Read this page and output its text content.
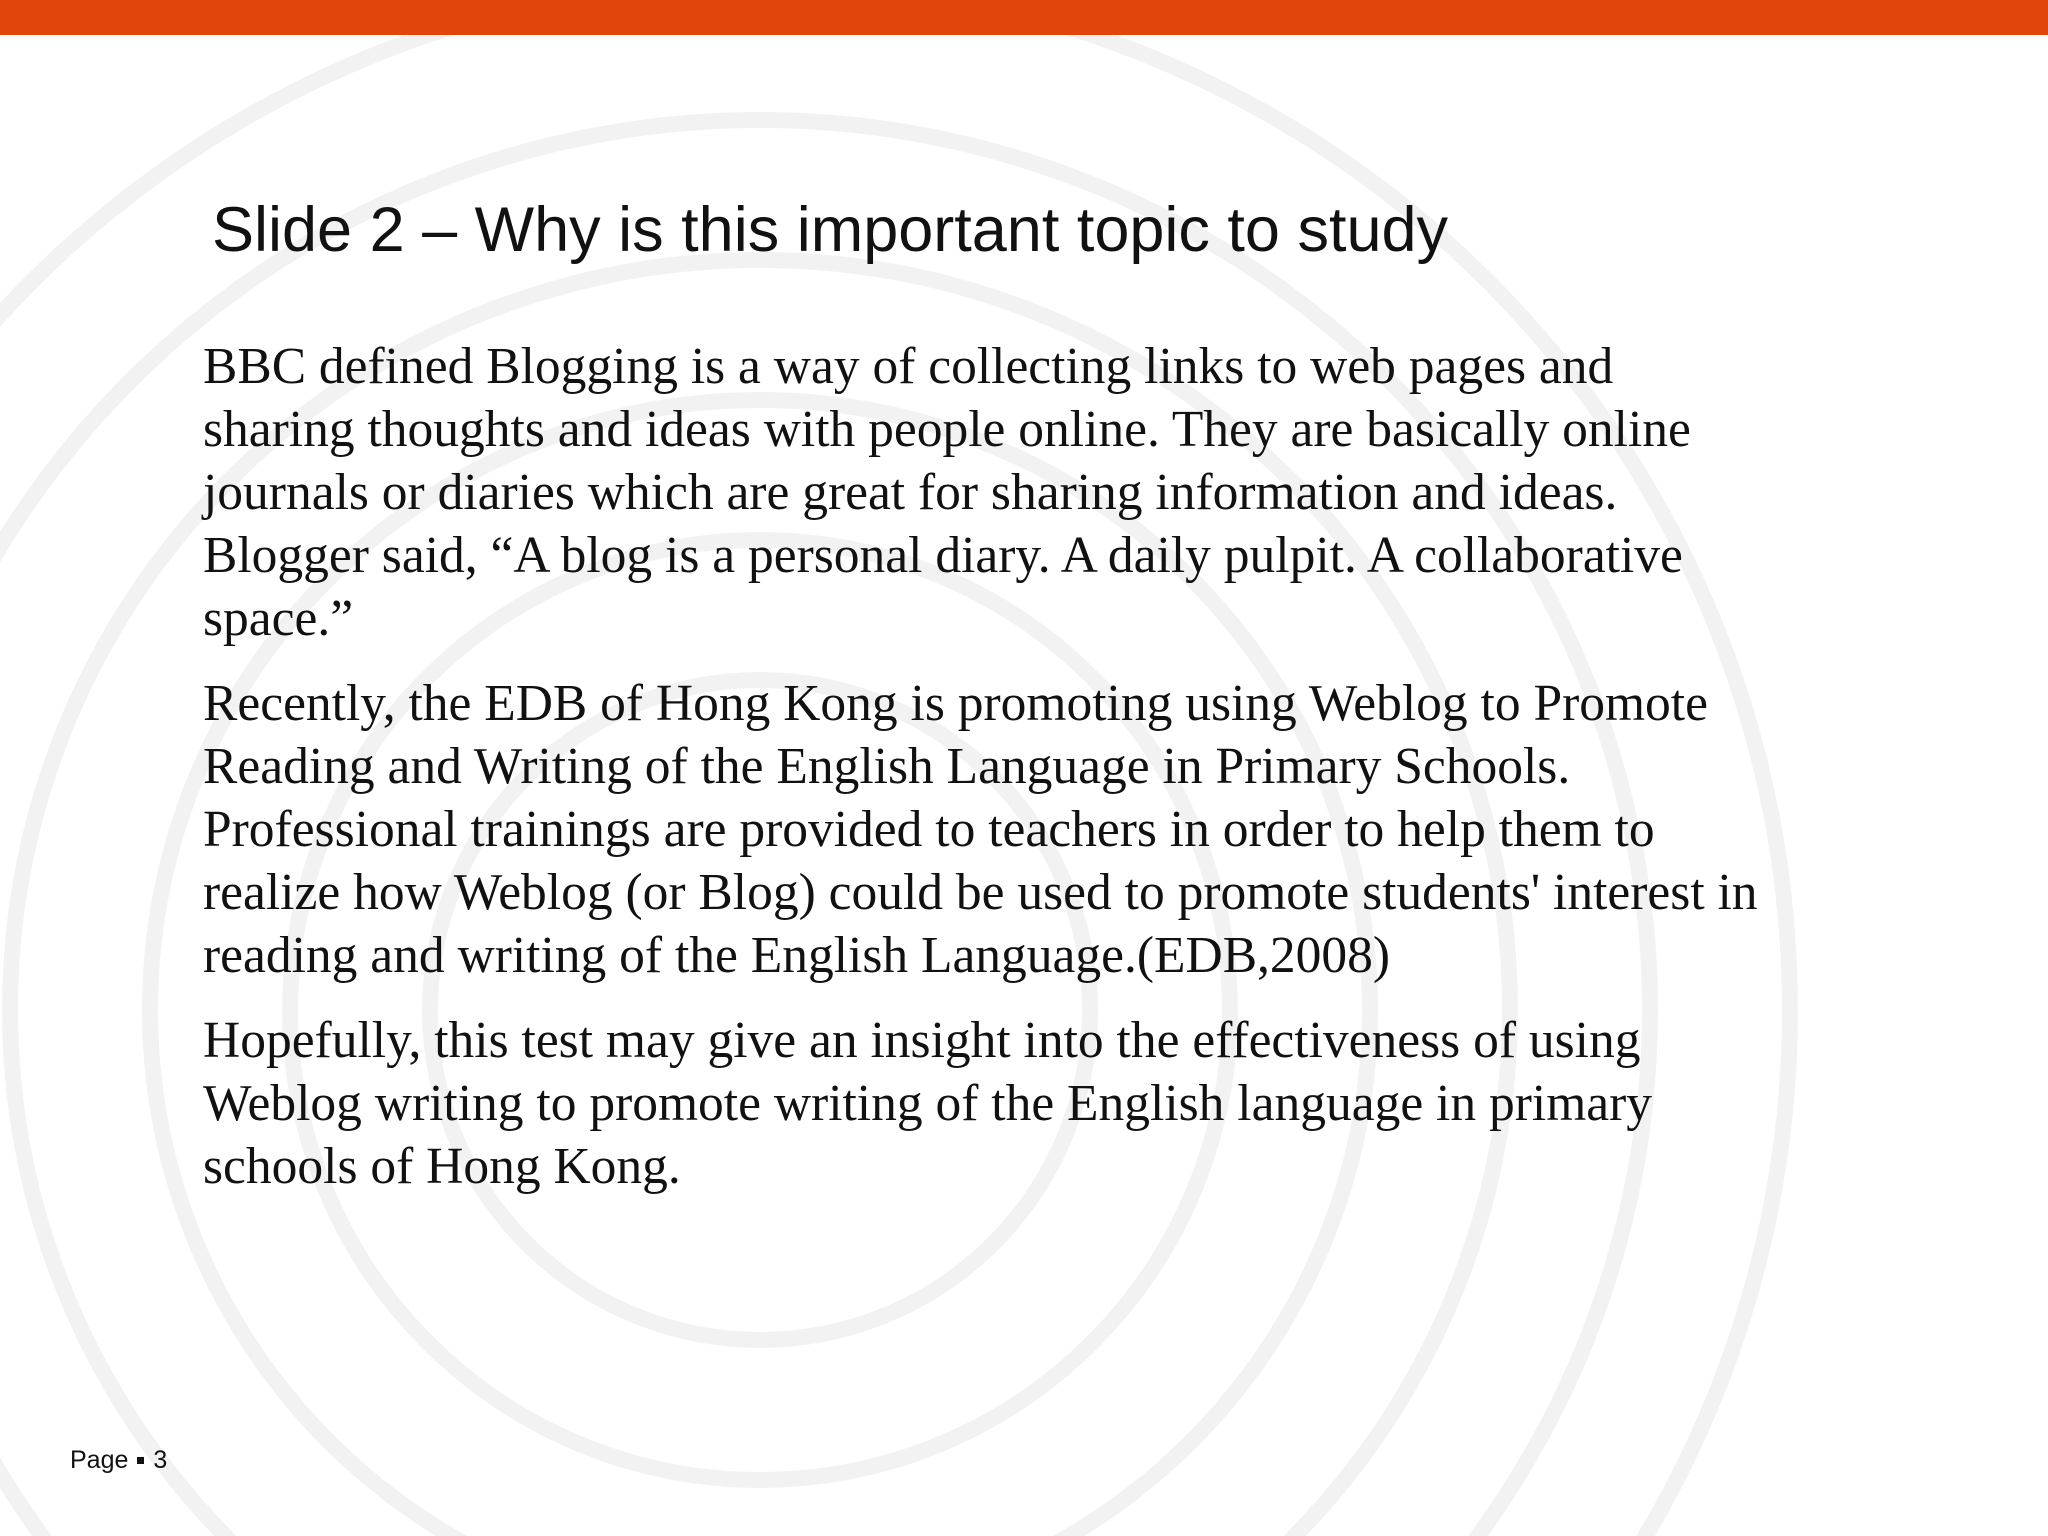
Slide 2 – Why is this important topic to study

BBC defined Blogging is a way of collecting links to web pages and sharing thoughts and ideas with people online. They are basically online journals or diaries which are great for sharing information and ideas. Blogger said, “A blog is a personal diary. A daily pulpit. A collaborative space.”

Recently, the EDB of Hong Kong is promoting using Weblog to Promote Reading and Writing of the English Language in Primary Schools. Professional trainings are provided to teachers in order to help them to realize how Weblog (or Blog) could be used to promote students' interest in reading and writing of the English Language.(EDB,2008)

Hopefully, this test may give an insight into the effectiveness of using Weblog writing to promote writing of the English language in primary schools of Hong Kong.

Page 3
